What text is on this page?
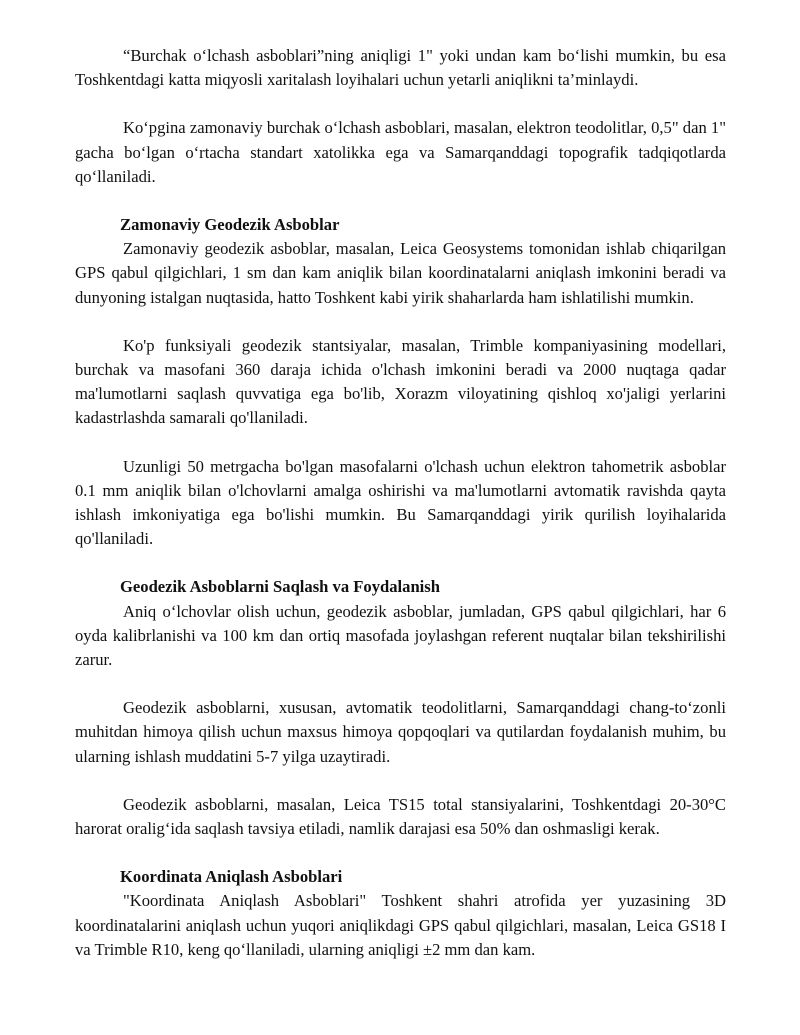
“Burchak o‘lchash asboblari”ning aniqligi 1" yoki undan kam bo‘lishi mumkin, bu esa Toshkentdagi katta miqyosli xaritalash loyihalari uchun yetarli aniqlikni ta’minlaydi.

Ko‘pgina zamonaviy burchak o‘lchash asboblari, masalan, elektron teodolitlar, 0,5" dan 1" gacha bo‘lgan o‘rtacha standart xatolikka ega va Samarqanddagi topografik tadqiqotlarda qo‘llaniladi.

Zamonaviy Geodezik Asboblar

Zamonaviy geodezik asboblar, masalan, Leica Geosystems tomonidan ishlab chiqarilgan GPS qabul qilgichlari, 1 sm dan kam aniqlik bilan koordinatalarni aniqlash imkonini beradi va dunyoning istalgan nuqtasida, hatto Toshkent kabi yirik shaharlarda ham ishlatilishi mumkin.

Ko'p funksiyali geodezik stantsiyalar, masalan, Trimble kompaniyasining modellari, burchak va masofani 360 daraja ichida o'lchash imkonini beradi va 2000 nuqtaga qadar ma'lumotlarni saqlash quvvatiga ega bo'lib, Xorazm viloyatining qishloq xo'jaligi yerlarini kadastrlashda samarali qo'llaniladi.

Uzunligi 50 metrgacha bo'lgan masofalarni o'lchash uchun elektron tahometrik asboblar 0.1 mm aniqlik bilan o'lchovlarni amalga oshirishi va ma'lumotlarni avtomatik ravishda qayta ishlash imkoniyatiga ega bo'lishi mumkin. Bu Samarqanddagi yirik qurilish loyihalarida qo'llaniladi.

Geodezik Asboblarni Saqlash va Foydalanish

Aniq o‘lchovlar olish uchun, geodezik asboblar, jumladan, GPS qabul qilgichlari, har 6 oyda kalibrlanishi va 100 km dan ortiq masofada joylashgan referent nuqtalar bilan tekshirilishi zarur.

Geodezik asboblarni, xususan, avtomatik teodolitlarni, Samarqanddagi chang-to‘zonli muhitdan himoya qilish uchun maxsus himoya qopqoqlari va qutilardan foydalanish muhim, bu ularning ishlash muddatini 5-7 yilga uzaytiradi.

Geodezik asboblarni, masalan, Leica TS15 total stansiyalarini, Toshkentdagi 20-30°C harorat oralig‘ida saqlash tavsiya etiladi, namlik darajasi esa 50% dan oshmasligi kerak.

Koordinata Aniqlash Asboblari

"Koordinata Aniqlash Asboblari" Toshkent shahri atrofida yer yuzasining 3D koordinatalarini aniqlash uchun yuqori aniqlikdagi GPS qabul qilgichlari, masalan, Leica GS18 I va Trimble R10, keng qo‘llaniladi, ularning aniqligi ±2 mm dan kam.
